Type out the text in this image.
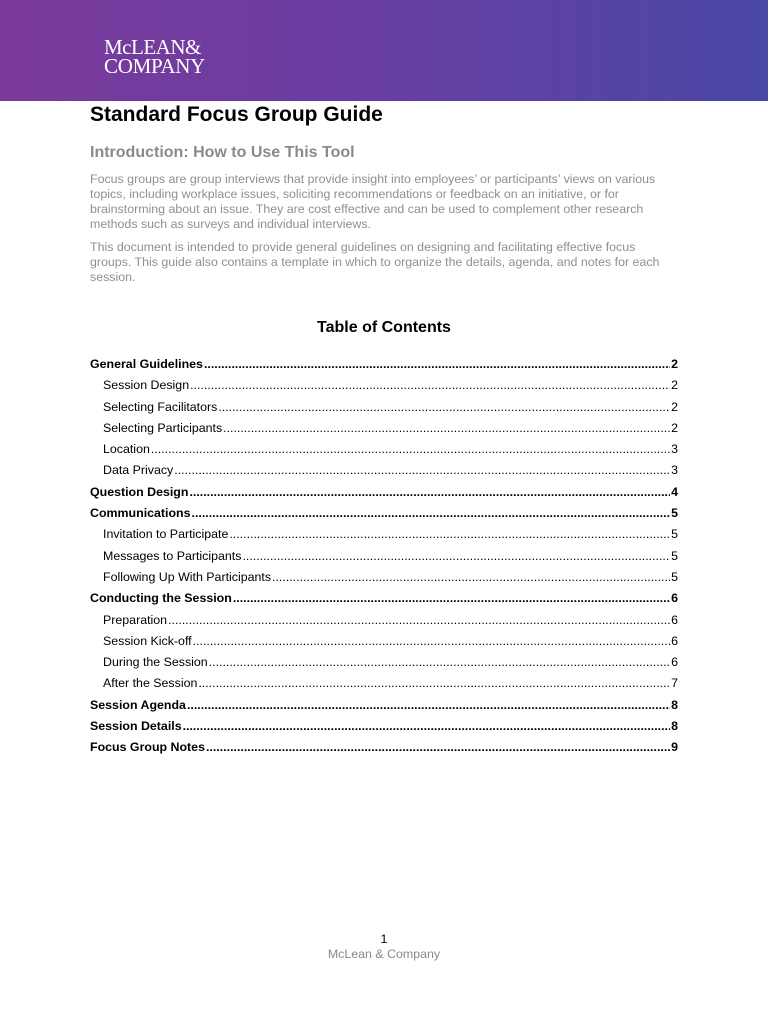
McLEAN&
COMPANY
Standard Focus Group Guide
Introduction: How to Use This Tool

Focus groups are group interviews that provide insight into employees’ or participants’ views on various topics, including workplace issues, soliciting recommendations or feedback on an initiative, or for brainstorming about an issue. They are cost effective and can be used to complement other research methods such as surveys and individual interviews.

This document is intended to provide general guidelines on designing and facilitating effective focus groups. This guide also contains a template in which to organize the details, agenda, and notes for each session.

Table of Contents
General Guidelines .....	2
Session Design .....	2
Selecting Facilitators .....	2
Selecting Participants .....	2
Location .....	3
Data Privacy .....	3
Question Design .....	4
Communications .....	5
Invitation to Participate .....	5
Messages to Participants .....	5
Following Up With Participants .....	5
Conducting the Session .....	6
Preparation .....	6
Session Kick-off .....	6
During the Session .....	6
After the Session .....	7
Session Agenda .....	8
Session Details .....	8
Focus Group Notes .....	9
1
McLean & Company
